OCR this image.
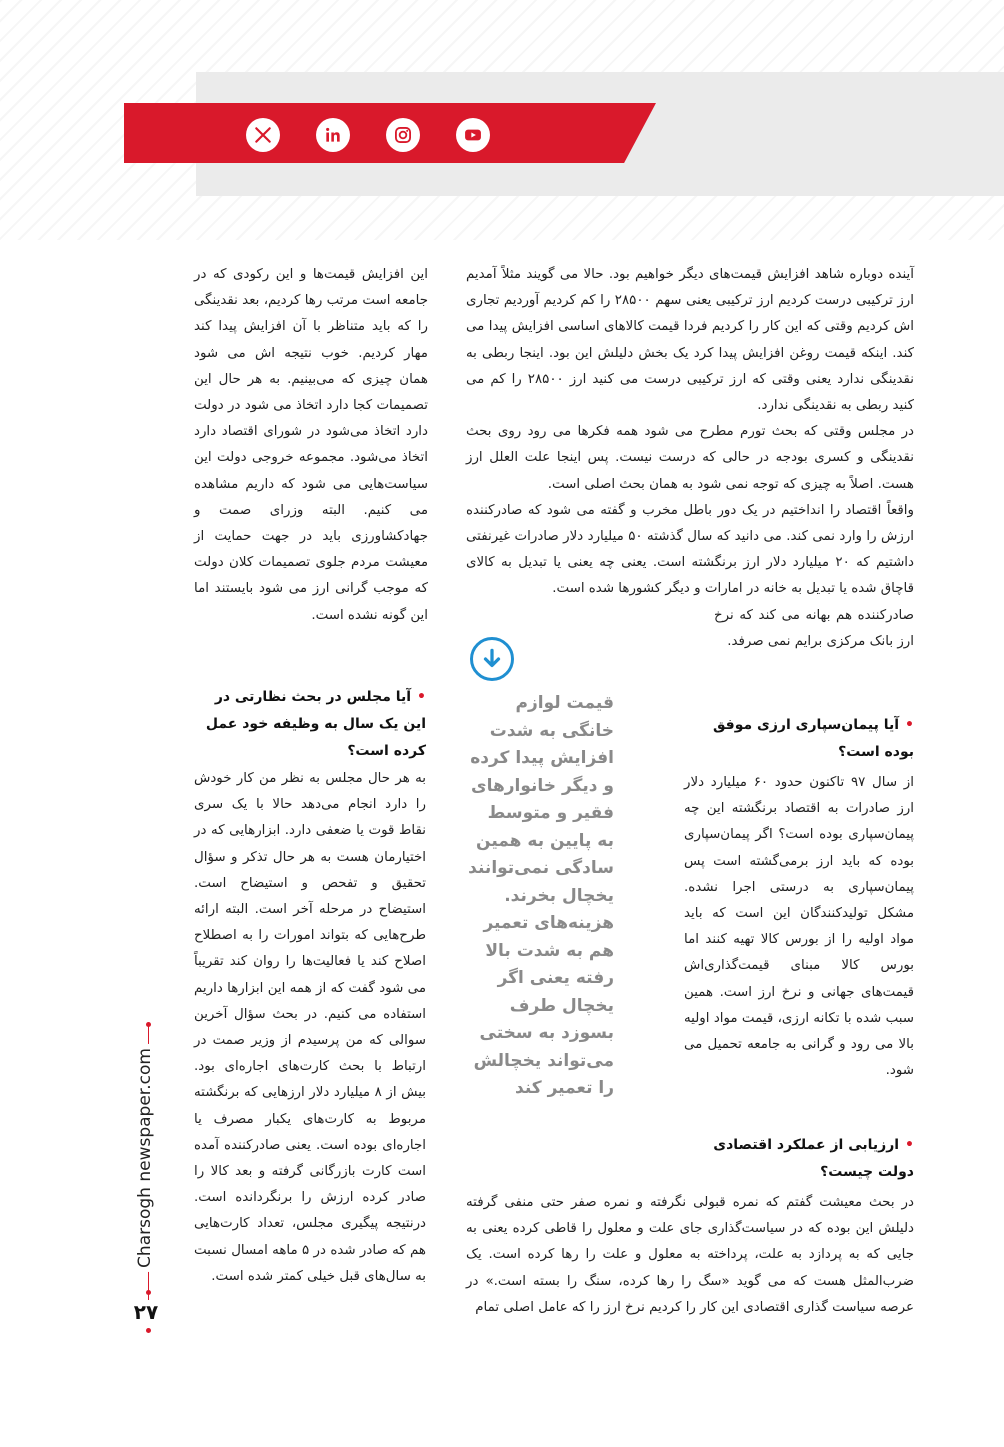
آینده دوباره شاهد افزایش قیمت‌های دیگر خواهیم بود. حالا می گویند مثلاً آمدیم ارز ترکیبی درست کردیم ارز ترکیبی یعنی سهم ۲۸۵۰۰ را کم کردیم آوردیم تجاری اش کردیم وقتی که این کار را کردیم فردا قیمت کالاهای اساسی افزایش پیدا می کند. اینکه قیمت روغن افزایش پیدا کرد یک بخش دلیلش این بود. اینجا ربطی به نقدینگی ندارد یعنی وقتی که ارز ترکیبی درست می کنید ارز ۲۸۵۰۰ را کم می کنید ربطی به نقدینگی ندارد.

در مجلس وقتی که بحث تورم مطرح می شود همه فکرها می رود روی بحث نقدینگی و کسری بودجه در حالی که درست نیست. پس اینجا علت العلل ارز هست. اصلاً به چیزی که توجه نمی شود به همان بحث اصلی است.

واقعاً اقتصاد را انداختیم در یک دور باطل مخرب و گفته می شود که صادرکننده ارزش را وارد نمی کند. می دانید که سال گذشته ۵۰ میلیارد دلار صادرات غیرنفتی داشتیم که ۲۰ میلیارد دلار ارز برنگشته است. یعنی چه یعنی یا تبدیل به کالای قاچاق شده یا تبدیل به خانه در امارات و دیگر کشورها شده است.

صادرکننده هم بهانه می کند که نرخ ارز بانک مرکزی برایم نمی صرفد.

این افزایش قیمت‌ها و این رکودی که در جامعه است مرتب رها کردیم، بعد نقدینگی را که باید متناظر با آن افزایش پیدا کند مهار کردیم. خوب نتیجه اش می شود همان چیزی که می‌بینیم. به هر حال این تصمیمات کجا دارد اتخاذ می شود در دولت دارد اتخاذ می‌شود در شورای اقتصاد دارد اتخاذ می‌شود. مجموعه خروجی دولت این سیاست‌هایی می شود که داریم مشاهده می کنیم. البته وزرای صمت و جهادکشاورزی باید در جهت حمایت از معیشت مردم جلوی تصمیمات کلان دولت که موجب گرانی ارز می شود بایستند اما این گونه نشده است.

•آیا پیمان‌سپاری ارزی موفق بوده است؟

از سال ۹۷ تاکنون حدود ۶۰ میلیارد دلار ارز صادرات به اقتصاد برنگشته این چه پیمان‌سپاری بوده است؟ اگر پیمان‌سپاری بوده که باید ارز برمی‌گشته است پس پیمان‌سپاری به درستی اجرا نشده. مشکل تولیدکنندگان این است که باید مواد اولیه را از بورس کالا تهیه کنند اما بورس کالا مبنای قیمت‌گذاری‌اش قیمت‌های جهانی و نرخ ارز است. همین سبب شده با تکانه ارزی، قیمت مواد اولیه بالا می رود و گرانی به جامعه تحمیل می شود.

•ارزیابی از عملکرد اقتصادی دولت چیست؟

در بحث معیشت گفتم که نمره قبولی نگرفته و نمره صفر حتی منفی گرفته دلیلش این بوده که در سیاست‌گذاری جای علت و معلول را قاطی کرده یعنی به جایی که به پردازد به علت، پرداخته به معلول و علت را رها کرده است. یک ضرب‌المثل هست که می گوید «سگ را رها کرده، سنگ را بسته است.» در عرصه سیاست گذاری اقتصادی این کار را کردیم نرخ ارز را که عامل اصلی تمام

•آیا مجلس در بحث نظارتی در این یک سال به وظیفه خود عمل کرده است؟

به هر حال مجلس به نظر من کار خودش را دارد انجام می‌دهد حالا با یک سری نقاط قوت یا ضعفی دارد. ابزارهایی که در اختیارمان هست به هر حال تذکر و سؤال تحقیق و تفحص و استیضاح است. استیضاح در مرحله آخر است. البته ارائه طرح‌هایی که بتواند امورات را به اصطلاح اصلاح کند یا فعالیت‌ها را روان کند تقریباً می شود گفت که از همه این ابزارها داریم استفاده می کنیم. در بحث سؤال آخرین سوالی که من پرسیدم از وزیر صمت در ارتباط با بحث کارت‌های اجاره‌ای بود. بیش از ۸ میلیارد دلار ارزهایی که برنگشته مربوط به کارت‌های یکبار مصرف یا اجاره‌ای بوده است. یعنی صادرکننده آمده است کارت بازرگانی گرفته و بعد کالا را صادر کرده ارزش را برنگردانده است. درنتیجه پیگیری مجلس، تعداد کارت‌هایی هم که صادر شده در ۵ ماهه امسال نسبت به سال‌های قبل خیلی کمتر شده است.

قیمت لوازم خانگی به شدت افزایش پیدا کرده و دیگر خانوارهای فقیر و متوسط به پایین به همین سادگی نمی‌توانند یخچال بخرند. هزینه‌های تعمیر هم به شدت بالا رفته یعنی اگر یخچال طرف بسوزد به سختی می‌تواند یخچالش را تعمیر کند
Charsogh newspaper.com
۲۷
